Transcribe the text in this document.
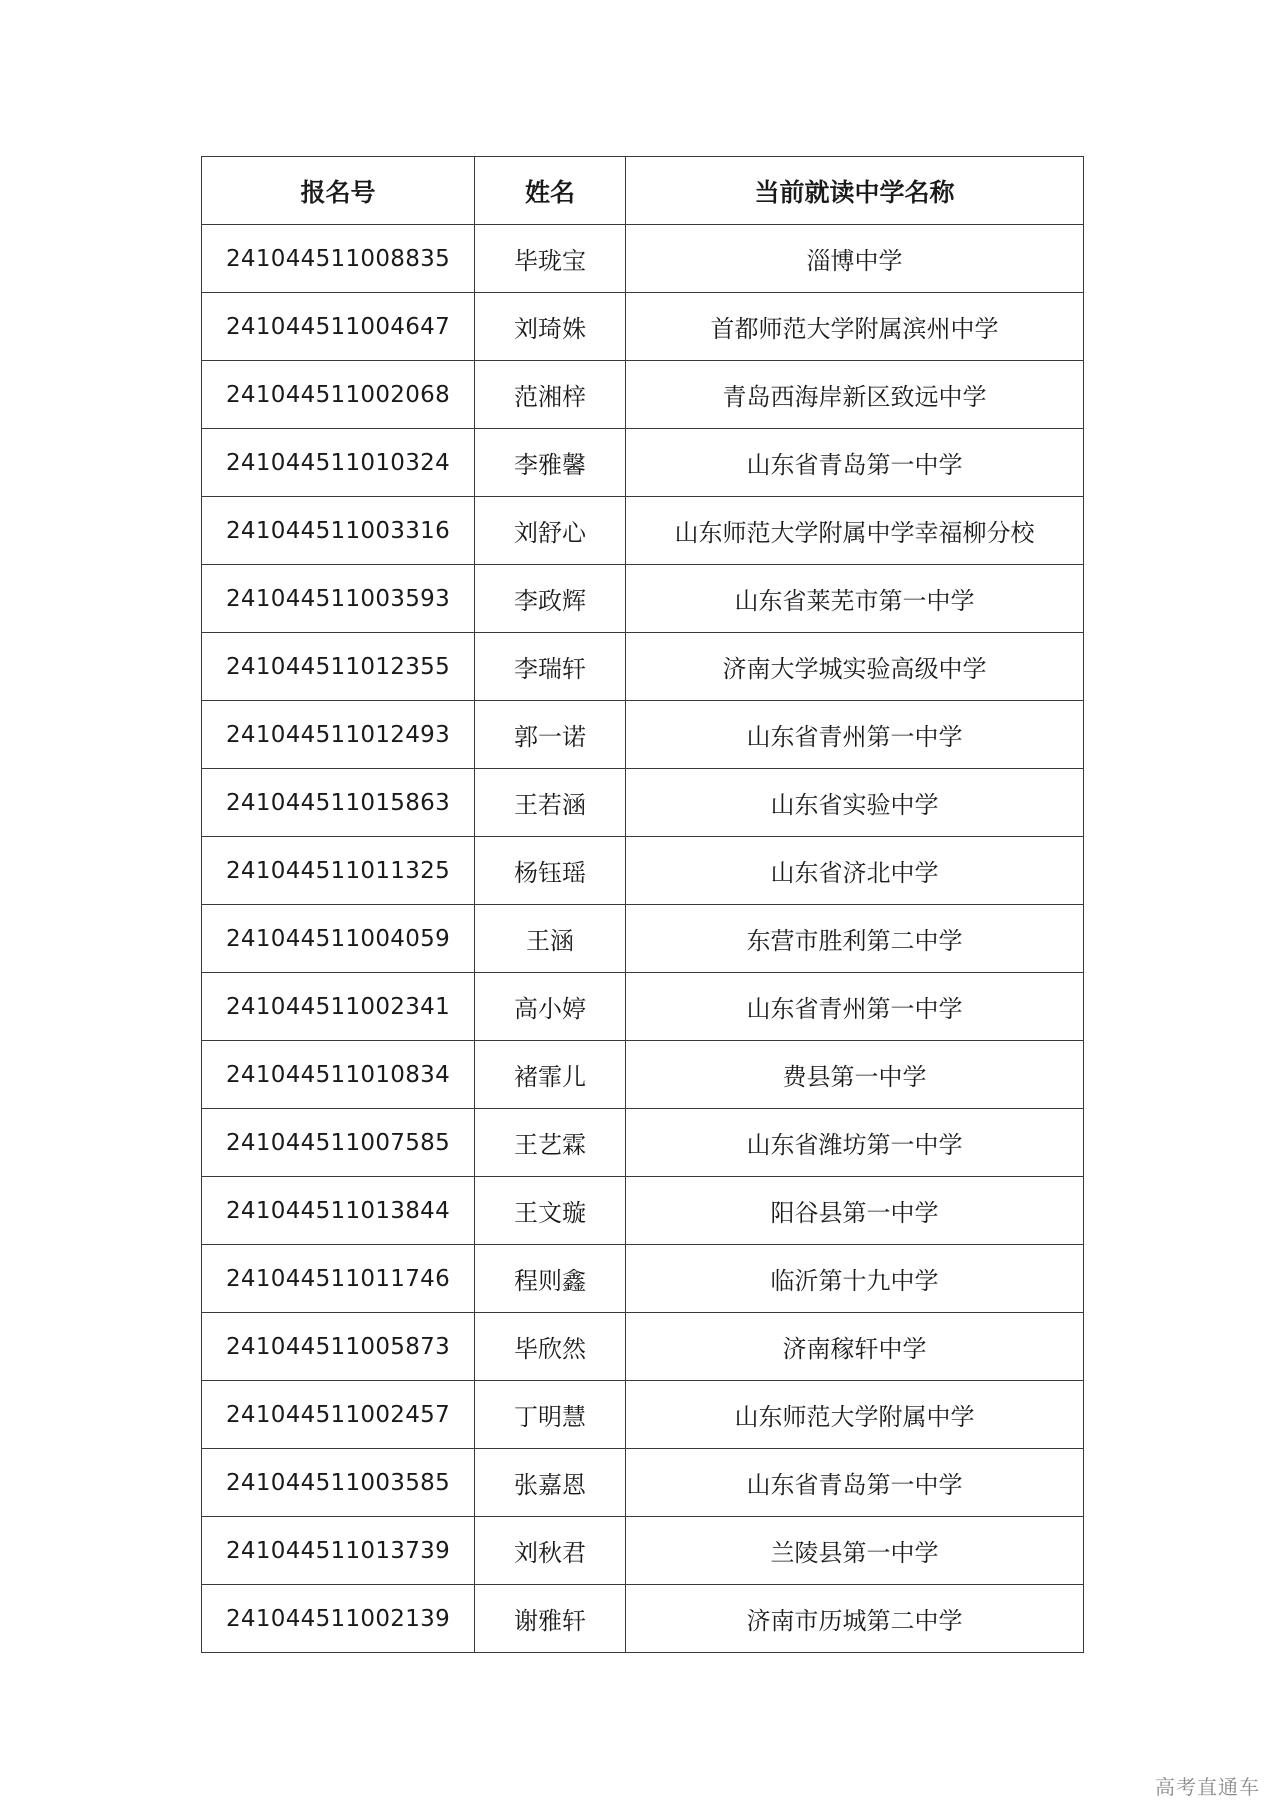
报名号	姓名	当前就读中学名称
241044511008835	毕珑宝	淄博中学
241044511004647	刘琦姝	首都师范大学附属滨州中学
241044511002068	范湘梓	青岛西海岸新区致远中学
241044511010324	李雅馨	山东省青岛第一中学
241044511003316	刘舒心	山东师范大学附属中学幸福柳分校
241044511003593	李政辉	山东省莱芜市第一中学
241044511012355	李瑞轩	济南大学城实验高级中学
241044511012493	郭一诺	山东省青州第一中学
241044511015863	王若涵	山东省实验中学
241044511011325	杨钰瑶	山东省济北中学
241044511004059	王涵	东营市胜利第二中学
241044511002341	高小婷	山东省青州第一中学
241044511010834	褚霏儿	费县第一中学
241044511007585	王艺霖	山东省潍坊第一中学
241044511013844	王文璇	阳谷县第一中学
241044511011746	程则鑫	临沂第十九中学
241044511005873	毕欣然	济南稼轩中学
241044511002457	丁明慧	山东师范大学附属中学
241044511003585	张嘉恩	山东省青岛第一中学
241044511013739	刘秋君	兰陵县第一中学
241044511002139	谢雅轩	济南市历城第二中学
高考直通车
